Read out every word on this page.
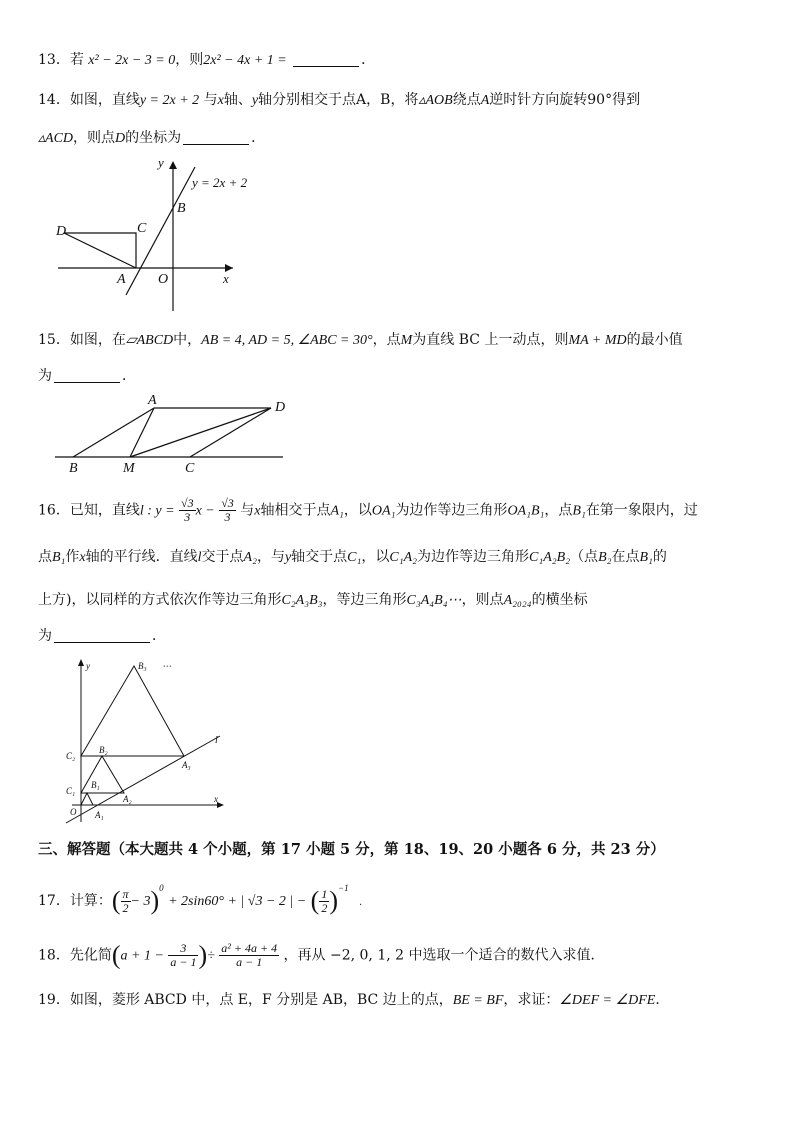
13．若 x² − 2x − 3 = 0，则2x² − 4x + 1 =	．
14．如图，直线y = 2x + 2 与x轴、y轴分别相交于点A，B，将▵AOB绕点A逆时针方向旋转90°得到
▵ACD，则点D的坐标为	．
y
x
y = 2x + 2
B
C
D
A O
15．如图，在▱ABCD中，AB = 4, AD = 5, ∠ABC = 30°，点M为直线 BC 上一动点，则MA + MD的最小值
为	．
A	D
B	M	C
16．已知，直线l : $y = \frac{√3}{3}$ $x - \frac{√3}{3}$ 与x轴相交于点A₁，以OA₁为边作等边三角形OA₁B₁，点B₁在第一象限内，过
点B₁作x轴的平行线．直线l交于点A₂，与y轴交于点C₁，以C₁A₂为边作等边三角形C₁A₂B₂（点B₂在点B₁的
上方)，以同样的方式依次作等边三角形C₂A₃B₃，等边三角形C₃A₄B₄⋯，则点A₂₀₂₄的横坐标
为	．
y
x
l
B₃ ⋯
C₂
B₂
A₃
C₁
B₁
A₂
O A₁
三、解答题（本大题共 4 个小题，第 17 小题 5 分，第 18、19、20 小题各 6 分，共 23 分）
17．计算：( $\frac{\pi}{2} - 3)^0 + 2\sin 60^\circ$ + | √3 − 2 | − ( $\frac{1}{2} )^{-1}$ .
18．先化简($a + 1 - \frac{3}{a - 1}$ )÷ $\frac{\text{a² + 4a + 4}}{a - 1}$ ，再从 −2, 0, 1, 2 中选取一个适合的数代入求值．
19．如图，菱形 ABCD 中，点 E，F 分别是 AB，BC 边上的点，BE = BF，求证：∠DEF = ∠DFE．
